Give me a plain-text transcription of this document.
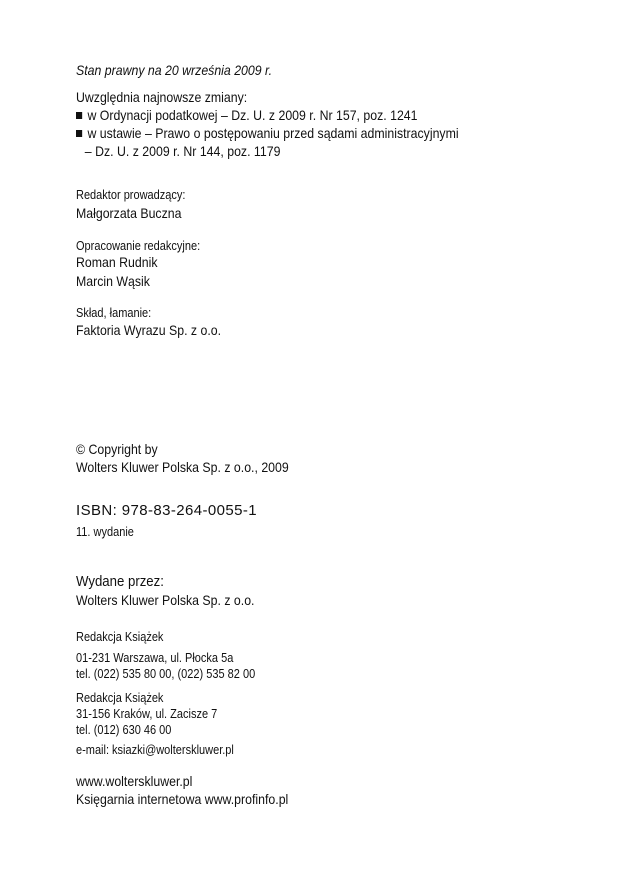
Stan prawny na 20 września 2009 r.
Uwzględnia najnowsze zmiany:
w Ordynacji podatkowej – Dz. U. z 2009 r. Nr 157, poz. 1241
w ustawie – Prawo o postępowaniu przed sądami administracyjnymi
– Dz. U. z 2009 r. Nr 144, poz. 1179
Redaktor prowadzący:
Małgorzata Buczna
Opracowanie redakcyjne:
Roman Rudnik
Marcin Wąsik
Skład, łamanie:
Faktoria Wyrazu Sp. z o.o.
© Copyright by
Wolters Kluwer Polska Sp. z o.o., 2009
ISBN: 978-83-264-0055-1
11. wydanie
Wydane przez:
Wolters Kluwer Polska Sp. z o.o.
Redakcja Książek
01-231 Warszawa, ul. Płocka 5a
tel. (022) 535 80 00, (022) 535 82 00
Redakcja Książek
31-156 Kraków, ul. Zacisze 7
tel. (012) 630 46 00
e-mail: ksiazki@wolterskluwer.pl
www.wolterskluwer.pl
Księgarnia internetowa www.profinfo.pl
